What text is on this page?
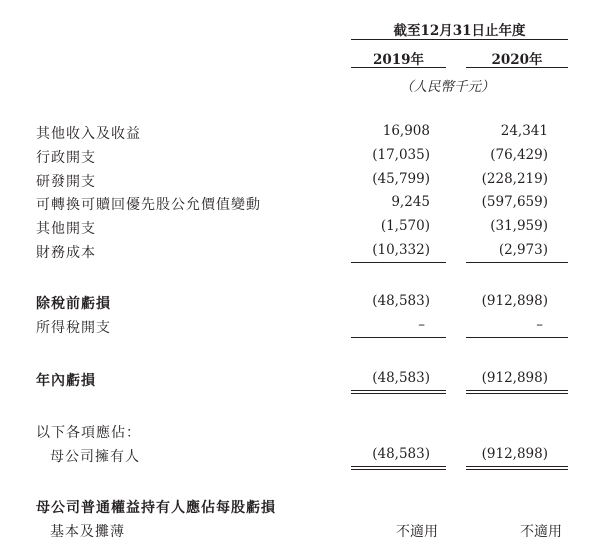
截至12月31日止年度
2019年	2020年
（人民幣千元）
其他收入及收益	16,908	24,341
行政開支	(17,035)	(76,429)
研發開支	(45,799)	(228,219)
可轉換可贖回優先股公允價值變動	9,245	(597,659)
其他開支	(1,570)	(31,959)
財務成本	(10,332)	(2,973)
除稅前虧損	(48,583)	(912,898)
所得稅開支	–	–
年內虧損	(48,583)	(912,898)
以下各項應佔：
母公司擁有人	(48,583)	(912,898)
母公司普通權益持有人應佔每股虧損
基本及攤薄	不適用	不適用
